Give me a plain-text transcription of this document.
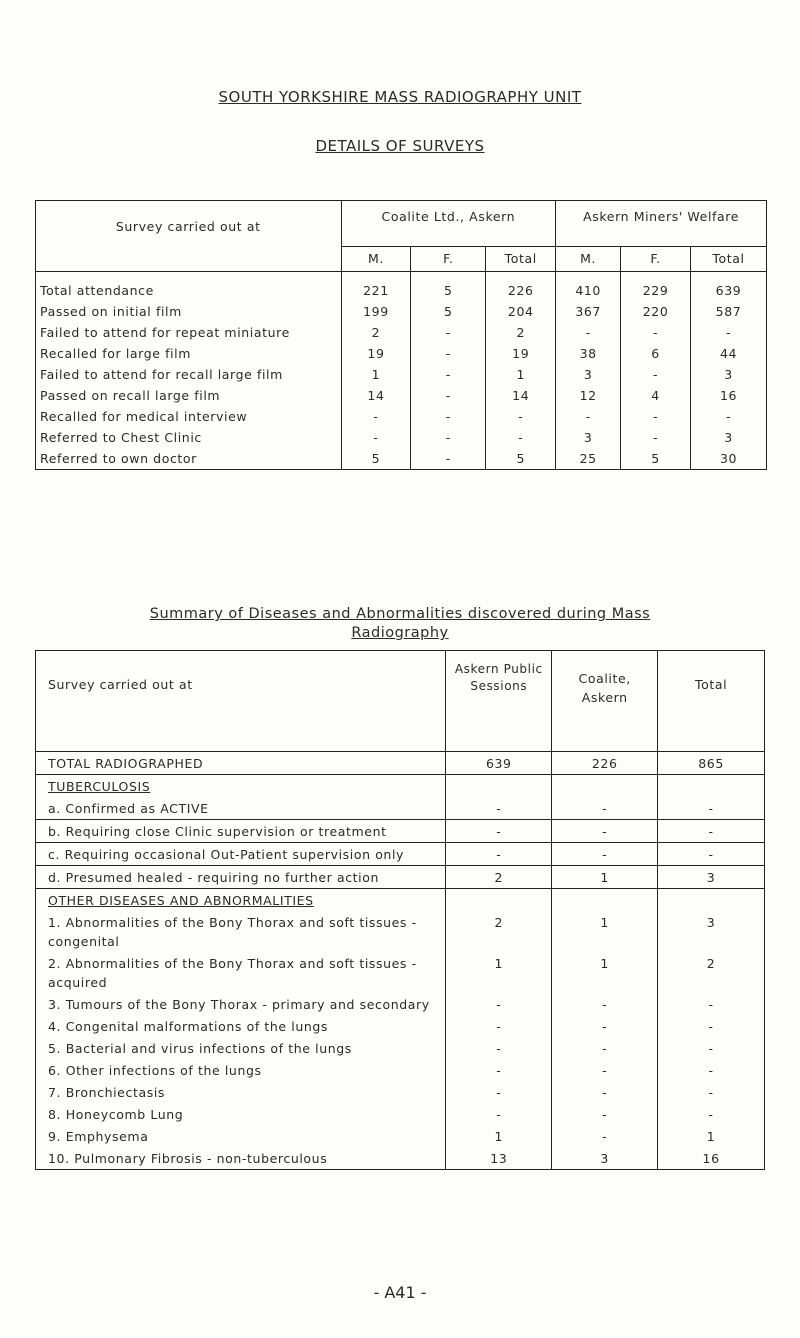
SOUTH YORKSHIRE MASS RADIOGRAPHY UNIT
DETAILS OF SURVEYS
Survey carried out at	Coalite Ltd., Askern			Askern Miners' Welfare		
	M.	F.	Total	M.	F.	Total
Total attendance	221	5	226	410	229	639
Passed on initial film	199	5	204	367	220	587
Failed to attend for repeat miniature	2	-	2	-	-	-
Recalled for large film	19	-	19	38	6	44
Failed to attend for recall large film	1	-	1	3	-	3
Passed on recall large film	14	-	14	12	4	16
Recalled for medical interview	-	-	-	-	-	-
Referred to Chest Clinic	-	-	-	3	-	3
Referred to own doctor	5	-	5	25	5	30
Summary of Diseases and Abnormalities discovered during Mass
Radiography
Survey carried out at	Askern Public Sessions	Coalite, Askern	Total
TOTAL RADIOGRAPHED	639	226	865
TUBERCULOSIS			
a. Confirmed as ACTIVE	-	-	-
b. Requiring close Clinic supervision or treatment	-	-	-
c. Requiring occasional Out-Patient supervision only	-	-	-
d. Presumed healed - requiring no further action	2	1	3
OTHER DISEASES AND ABNORMALITIES			
1. Abnormalities of the Bony Thorax and soft tissues - congenital	2	1	3
2. Abnormalities of the Bony Thorax and soft tissues - acquired	1	1	2
3. Tumours of the Bony Thorax - primary and secondary	-	-	-
4. Congenital malformations of the lungs	-	-	-
5. Bacterial and virus infections of the lungs	-	-	-
6. Other infections of the lungs	-	-	-
7. Bronchiectasis	-	-	-
8. Honeycomb Lung	-	-	-
9. Emphysema	1	-	1
10. Pulmonary Fibrosis - non-tuberculous	13	3	16
- A41 -
